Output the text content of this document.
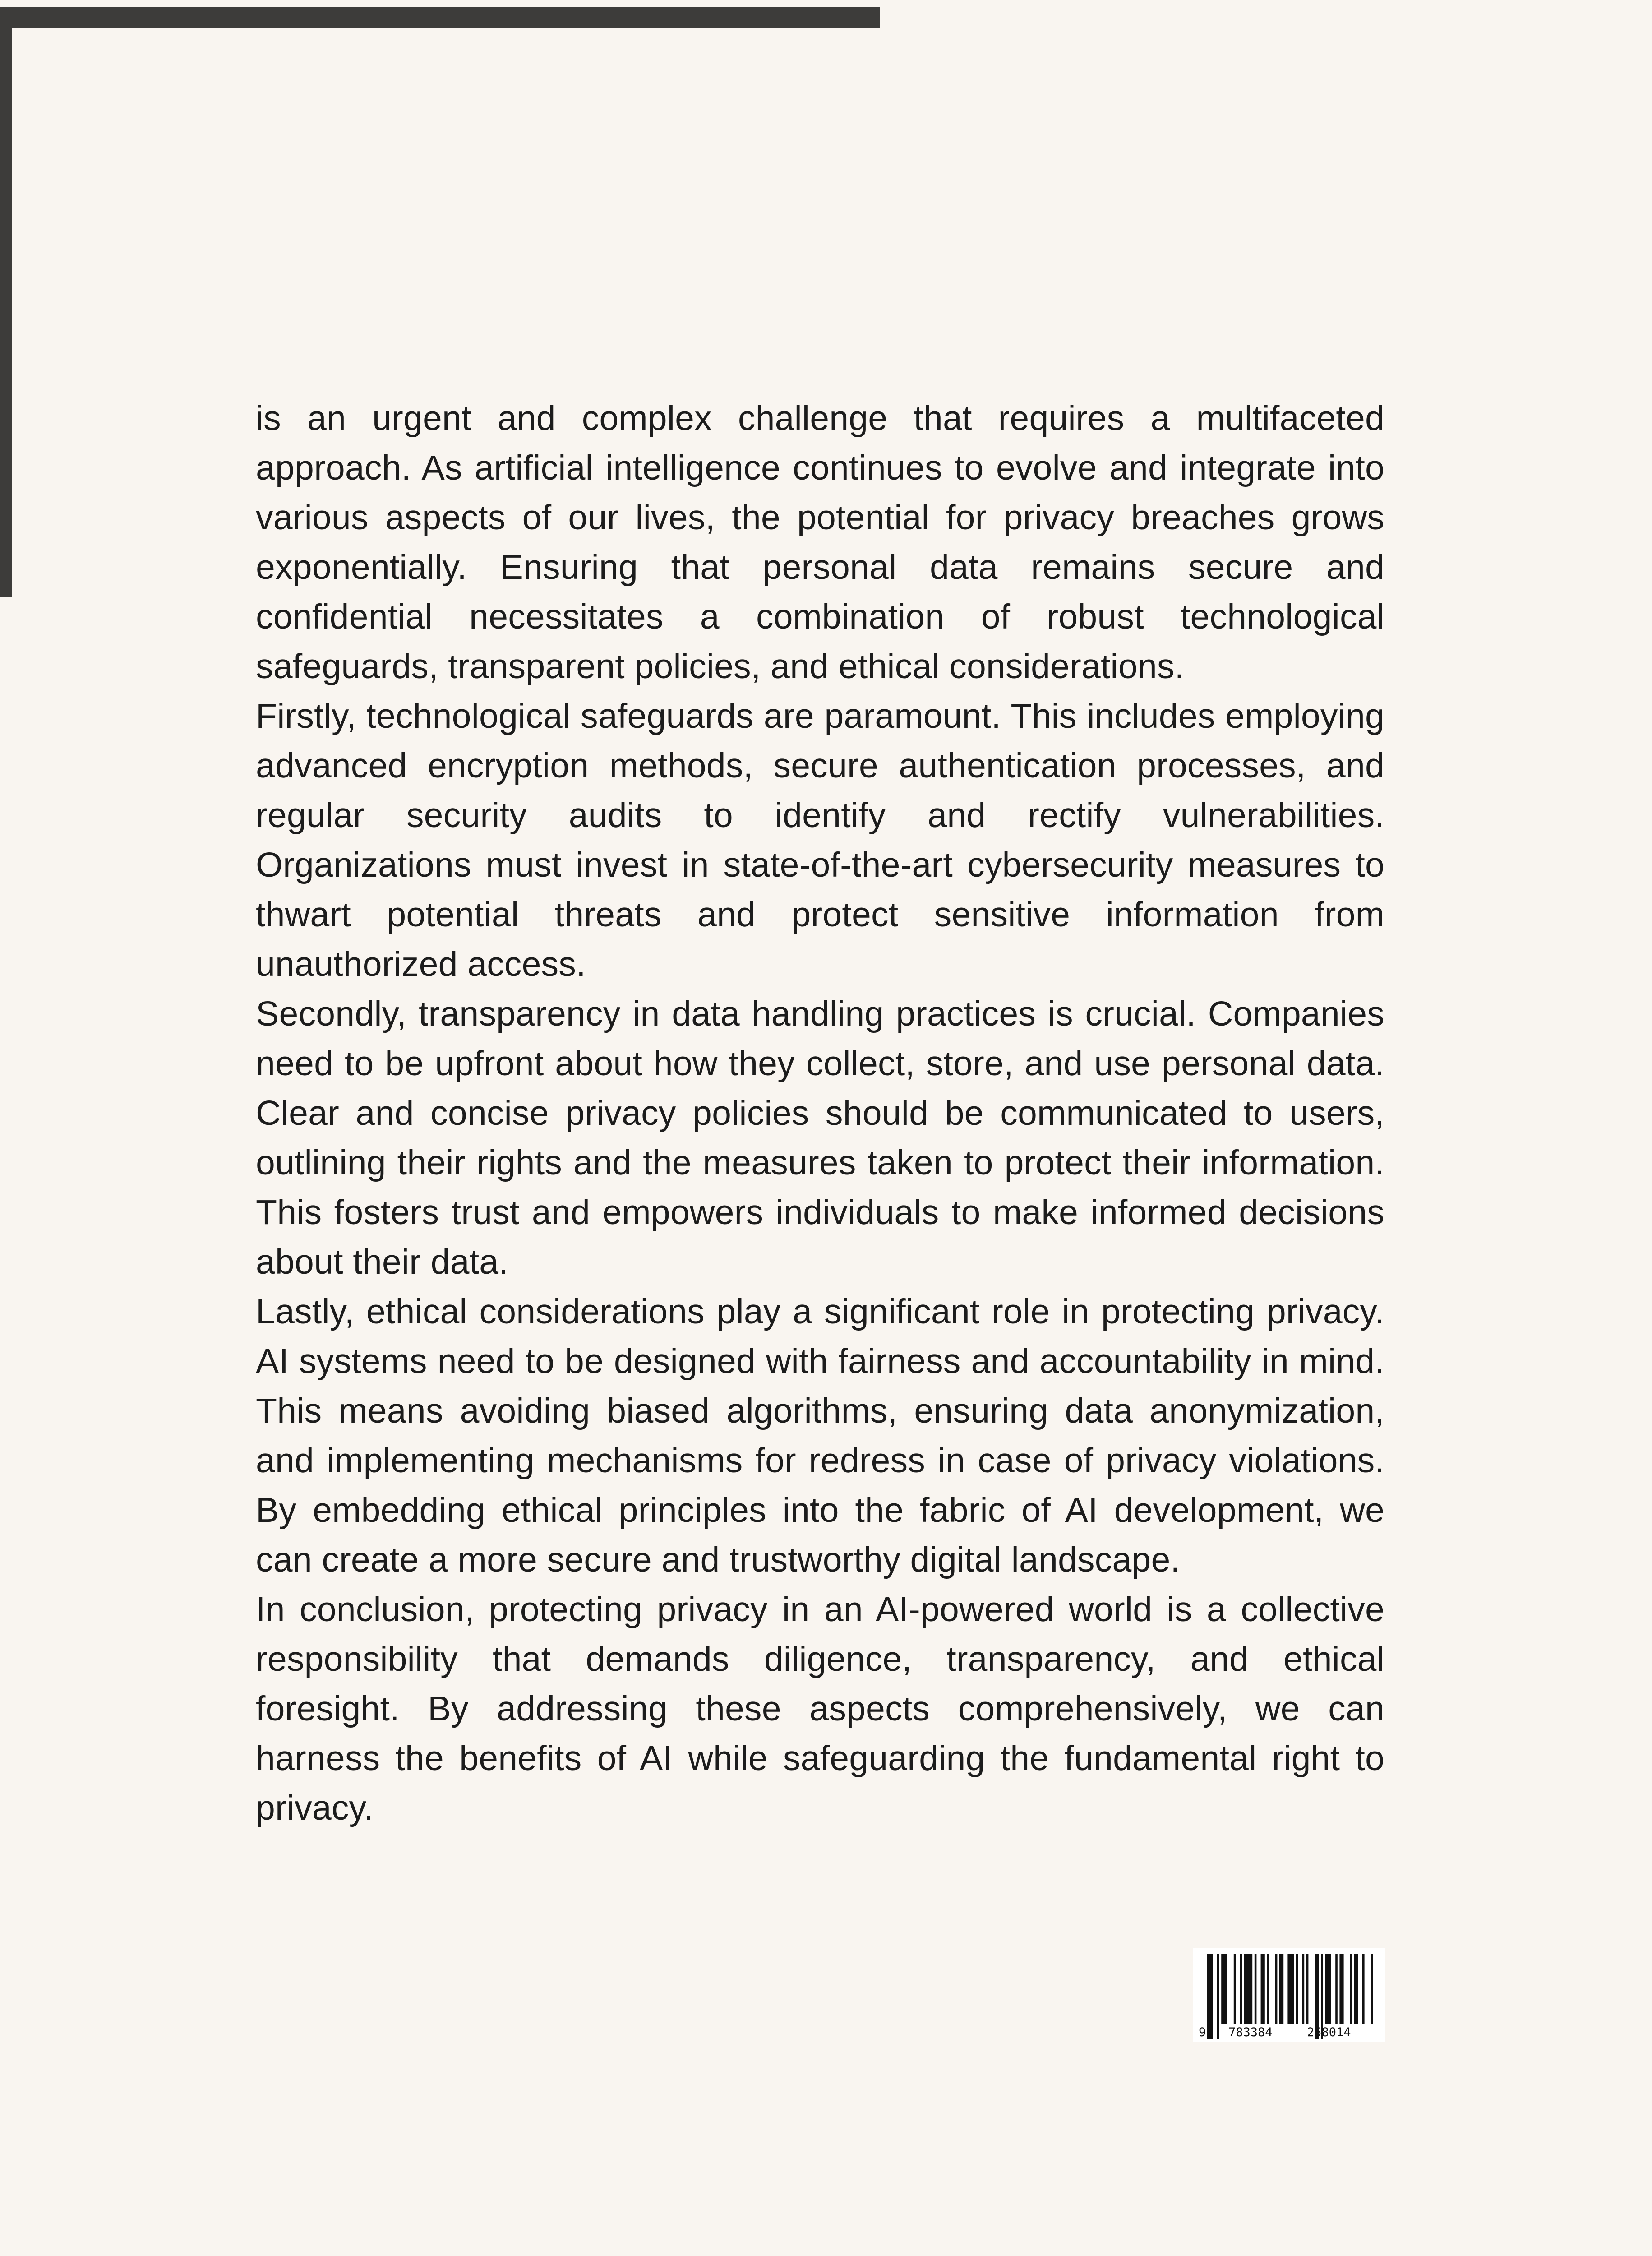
is an urgent and complex challenge that requires a multifaceted approach. As artificial intelligence continues to evolve and integrate into various aspects of our lives, the potential for privacy breaches grows exponentially. Ensuring that personal data remains secure and confidential necessitates a combination of robust technological safeguards, transparent policies, and ethical considerations.

Firstly, technological safeguards are paramount. This includes employing advanced encryption methods, secure authentication processes, and regular security audits to identify and rectify vulnerabilities. Organizations must invest in state-of-the-art cybersecurity measures to thwart potential threats and protect sensitive information from unauthorized access.

Secondly, transparency in data handling practices is crucial. Companies need to be upfront about how they collect, store, and use personal data. Clear and concise privacy policies should be communicated to users, outlining their rights and the measures taken to protect their information. This fosters trust and empowers individuals to make informed decisions about their data.

Lastly, ethical considerations play a significant role in protecting privacy. AI systems need to be designed with fairness and accountability in mind. This means avoiding biased algorithms, ensuring data anonymization, and implementing mechanisms for redress in case of privacy violations. By embedding ethical principles into the fabric of AI development, we can create a more secure and trustworthy digital landscape.

In conclusion, protecting privacy in an AI-powered world is a collective responsibility that demands diligence, transparency, and ethical foresight. By addressing these aspects comprehensively, we can harness the benefits of AI while safeguarding the fundamental right to privacy.

9 783384	258014
